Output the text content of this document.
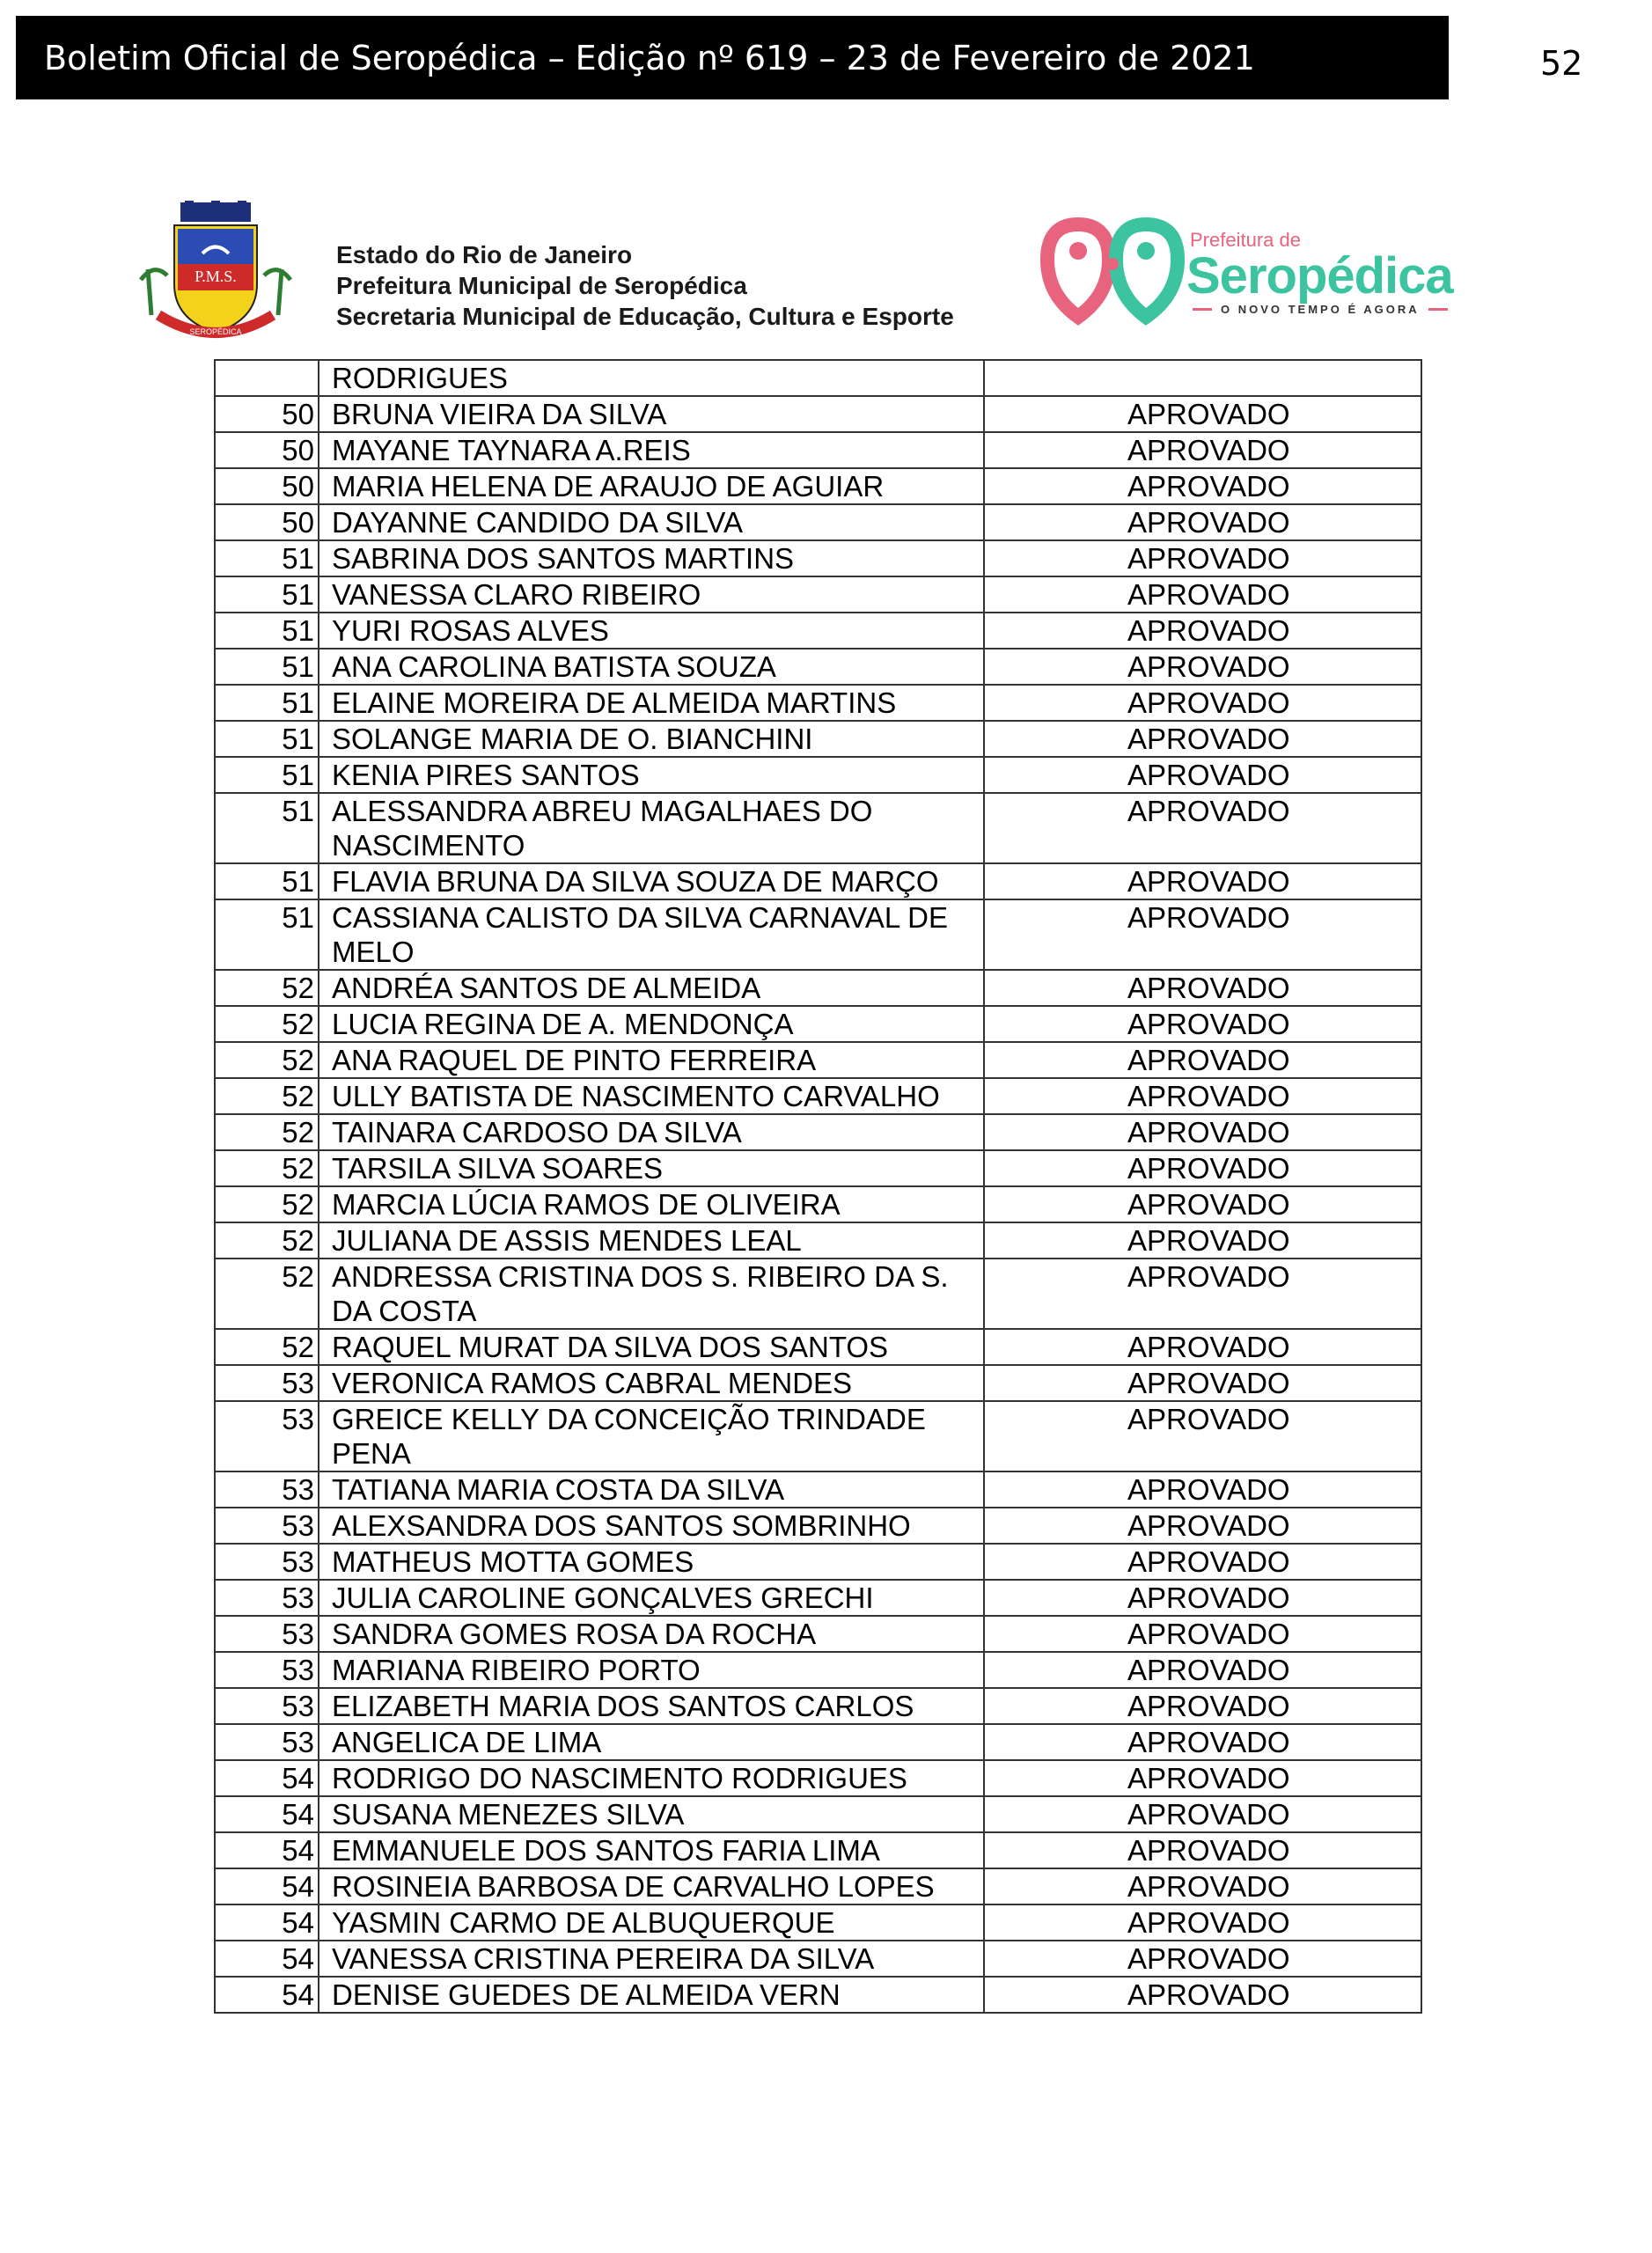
Boletim Oficial de Seropédica – Edição nº 619 – 23 de Fevereiro de 2021	52
P.M.S.
SEROPÉDICA
Estado do Rio de Janeiro
Prefeitura Municipal de Seropédica
Secretaria Municipal de Educação, Cultura e Esporte
Prefeitura de
Seropédica
O NOVO TEMPO É AGORA
	RODRIGUES	
50	BRUNA VIEIRA DA SILVA	APROVADO
50	MAYANE TAYNARA A.REIS	APROVADO
50	MARIA HELENA DE ARAUJO DE AGUIAR	APROVADO
50	DAYANNE CANDIDO DA SILVA	APROVADO
51	SABRINA DOS SANTOS MARTINS	APROVADO
51	VANESSA CLARO RIBEIRO	APROVADO
51	YURI ROSAS ALVES	APROVADO
51	ANA CAROLINA BATISTA SOUZA	APROVADO
51	ELAINE MOREIRA DE ALMEIDA MARTINS	APROVADO
51	SOLANGE MARIA DE O. BIANCHINI	APROVADO
51	KENIA PIRES SANTOS	APROVADO
51	ALESSANDRA ABREU MAGALHAES DO NASCIMENTO	APROVADO
51	FLAVIA BRUNA DA SILVA SOUZA DE MARÇO	APROVADO
51	CASSIANA CALISTO DA SILVA CARNAVAL DE MELO	APROVADO
52	ANDRÉA SANTOS DE ALMEIDA	APROVADO
52	LUCIA REGINA DE A. MENDONÇA	APROVADO
52	ANA RAQUEL DE PINTO FERREIRA	APROVADO
52	ULLY BATISTA DE NASCIMENTO CARVALHO	APROVADO
52	TAINARA CARDOSO DA SILVA	APROVADO
52	TARSILA SILVA SOARES	APROVADO
52	MARCIA LÚCIA RAMOS DE OLIVEIRA	APROVADO
52	JULIANA DE ASSIS MENDES LEAL	APROVADO
52	ANDRESSA CRISTINA DOS S. RIBEIRO DA S. DA COSTA	APROVADO
52	RAQUEL MURAT DA SILVA DOS SANTOS	APROVADO
53	VERONICA RAMOS CABRAL MENDES	APROVADO
53	GREICE KELLY DA CONCEIÇÃO TRINDADE PENA	APROVADO
53	TATIANA MARIA COSTA DA SILVA	APROVADO
53	ALEXSANDRA DOS SANTOS SOMBRINHO	APROVADO
53	MATHEUS MOTTA GOMES	APROVADO
53	JULIA CAROLINE GONÇALVES GRECHI	APROVADO
53	SANDRA GOMES ROSA DA ROCHA	APROVADO
53	MARIANA RIBEIRO PORTO	APROVADO
53	ELIZABETH MARIA DOS SANTOS CARLOS	APROVADO
53	ANGELICA DE LIMA	APROVADO
54	RODRIGO DO NASCIMENTO RODRIGUES	APROVADO
54	SUSANA MENEZES SILVA	APROVADO
54	EMMANUELE DOS SANTOS FARIA LIMA	APROVADO
54	ROSINEIA BARBOSA DE CARVALHO LOPES	APROVADO
54	YASMIN CARMO DE ALBUQUERQUE	APROVADO
54	VANESSA CRISTINA PEREIRA DA SILVA	APROVADO
54	DENISE GUEDES DE ALMEIDA VERN	APROVADO
